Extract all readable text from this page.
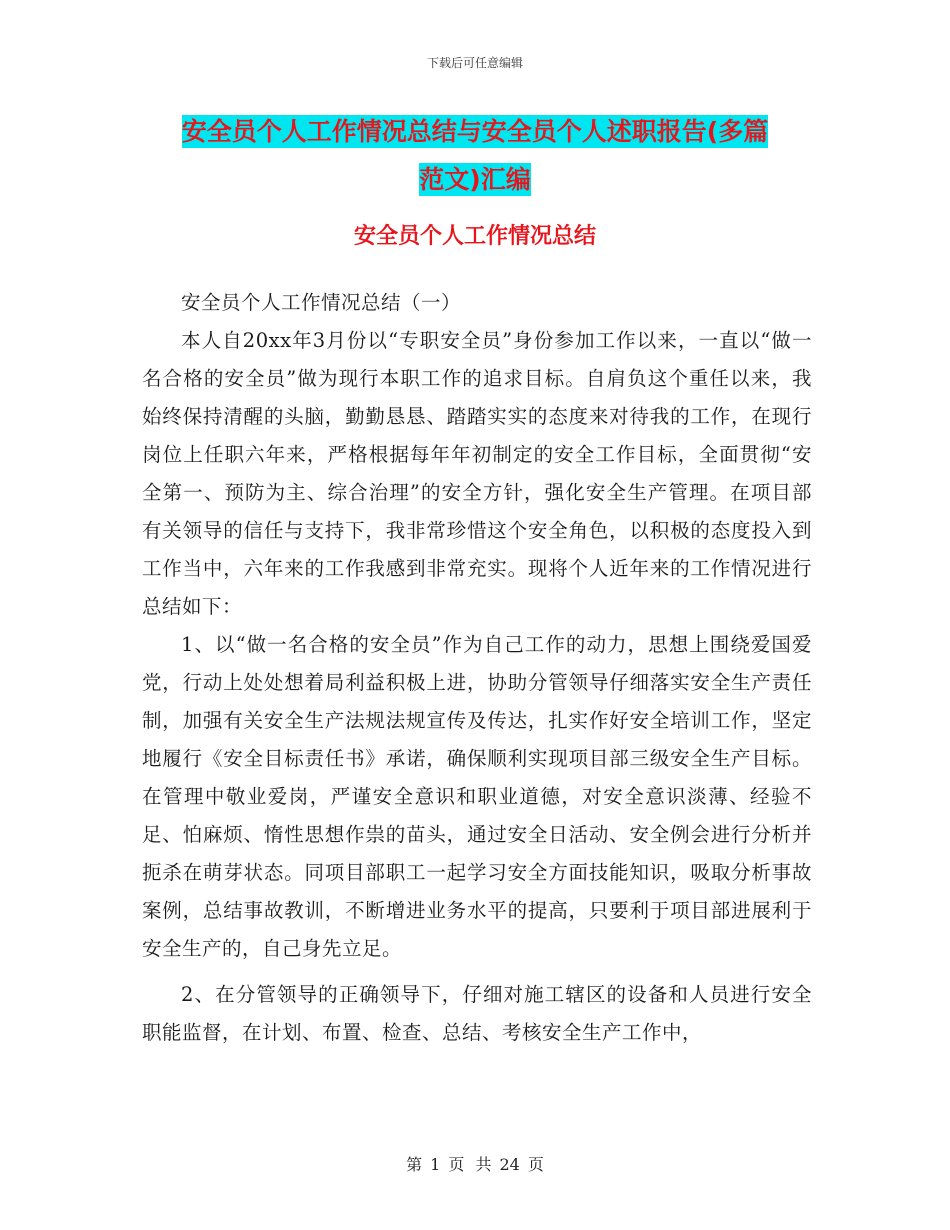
下载后可任意编辑
安全员个人工作情况总结与安全员个人述职报告(多篇
范文)汇编
安全员个人工作情况总结

安全员个人工作情况总结（一）

本人自20xx年3月份以“专职安全员”身份参加工作以来，一直以“做一名合格的安全员”做为现行本职工作的追求目标。自肩负这个重任以来，我始终保持清醒的头脑，勤勤恳恳、踏踏实实的态度来对待我的工作，在现行岗位上任职六年来，严格根据每年年初制定的安全工作目标，全面贯彻“安全第一、预防为主、综合治理”的安全方针，强化安全生产管理。在项目部有关领导的信任与支持下，我非常珍惜这个安全角色，以积极的态度投入到工作当中，六年来的工作我感到非常充实。现将个人近年来的工作情况进行总结如下：

1、以“做一名合格的安全员”作为自己工作的动力，思想上围绕爱国爱党，行动上处处想着局利益积极上进，协助分管领导仔细落实安全生产责任制，加强有关安全生产法规法规宣传及传达，扎实作好安全培训工作，坚定地履行《安全目标责任书》承诺，确保顺利实现项目部三级安全生产目标。在管理中敬业爱岗，严谨安全意识和职业道德，对安全意识淡薄、经验不足、怕麻烦、惰性思想作祟的苗头，通过安全日活动、安全例会进行分析并扼杀在萌芽状态。同项目部职工一起学习安全方面技能知识，吸取分析事故案例，总结事故教训，不断增进业务水平的提高，只要利于项目部进展利于安全生产的，自己身先立足。

2、在分管领导的正确领导下，仔细对施工辖区的设备和人员进行安全职能监督，在计划、布置、检查、总结、考核安全生产工作中，

第 1 页 共 24 页
